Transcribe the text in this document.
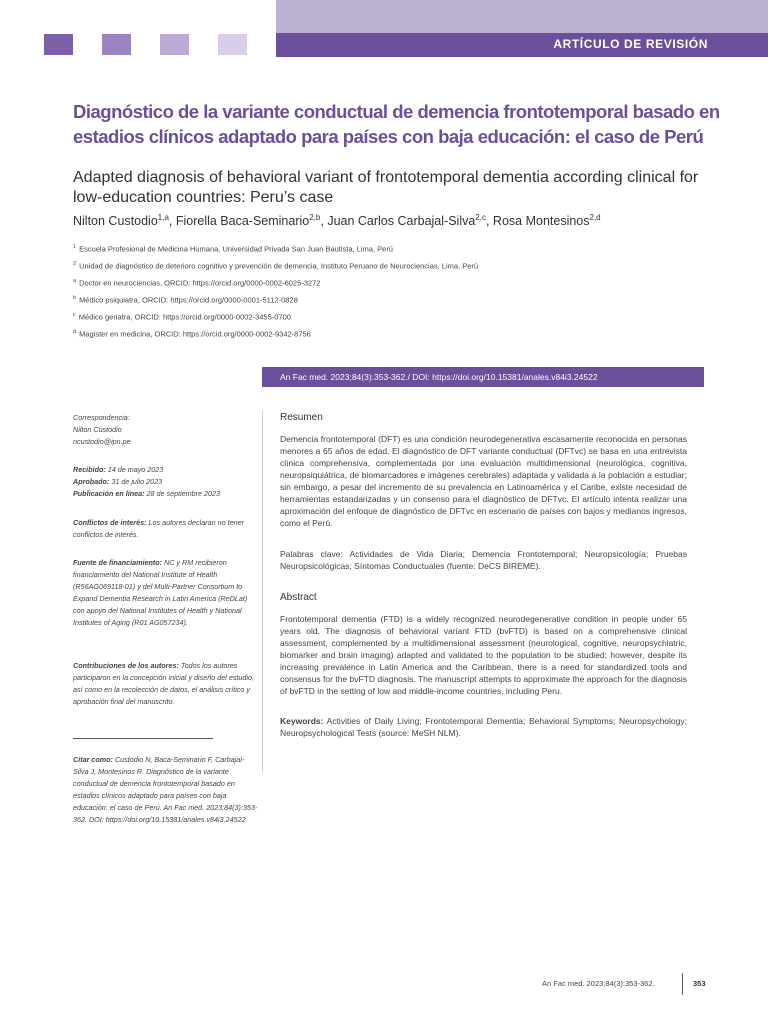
ARTÍCULO DE REVISIÓN
Diagnóstico de la variante conductual de demencia frontotemporal basado en estadios clínicos adaptado para países con baja educación: el caso de Perú
Adapted diagnosis of behavioral variant of frontotemporal dementia according clinical for low-education countries: Peru’s case
Nilton Custodio$^{1,a}$, Fiorella Baca-Seminario$^{2,b}$, Juan Carlos Carbajal-Silva$^{2,c}$, Rosa Montesinos$^{2,d}$
$^1$ Escuela Profesional de Medicina Humana, Universidad Privada San Juan Bautista, Lima, Perú
$^2$ Unidad de diagnóstico de deterioro cognitivo y prevención de demencia, Instituto Peruano de Neurociencias, Lima, Perú
$^a$ Doctor en neurociencias, ORCID: https://orcid.org/0000-0002-6025-3272
$^b$ Médico psiquiatra, ORCID: https://orcid.org/0000-0001-5112-0828
$^c$ Médico geriatra, ORCID: https://orcid.org/0000-0002-3455-0700
$^d$ Magister en medicina, ORCID: https://orcid.org/0000-0002-9342-8756
An Fac med. 2023;84(3):353-362./ DOI: https://doi.org/10.15381/anales.v84i3.24522
Correspondencia:
Nilton Custodio
ncustodio@ipn.pe
Recibido: 14 de mayo 2023
Aprobado: 31 de julio 2023
Publicación en línea: 28 de septiembre 2023
Conflictos de interés: Los autores declaran no tener conflictos de interés.
Fuente de financiamiento: NC y RM recibieron financiamiento del National Institute of Health (R56AG069118-01) y del Multi-Partner Consortium to Expand Dementia Research in Latin America (ReDLat) con apoyo del National Institutes of Health y National Institutes of Aging (R01 AG057234).
Contribuciones de los autores: Todos los autores participaron en la concepción inicial y diseño del estudio, así como en la recolección de datos, el análisis crítico y aprobación final del manuscrito.
Citar como: Custodio N, Baca-Seminario F, Carbajal-Silva J, Montesinos R. Diagnóstico de la variante conductual de demencia frontotemporal basado en estadios clínicos adaptado para países con baja educación: el caso de Perú. An Fac med. 2023;84(3):353-362. DOI: https://doi.org/10.15381/anales.v84i3.24522
Resumen
Demencia frontotemporal (DFT) es una condición neurodegenerativa escasamente reconocida en personas menores a 65 años de edad. El diagnóstico de DFT variante conductual (DFTvc) se basa en una entrevista clínica comprehensiva, complementada por una evaluación multidimensional (neurológica, cognitiva, neuropsiquiátrica, de biomarcadores e imágenes cerebrales) adaptada y validada a la población a estudiar; sin embargo, a pesar del incremento de su prevalencia en Latinoamérica y el Caribe, existe necesidad de herramientas estandarizadas y un consenso para el diagnóstico de DFTvc. El artículo intenta realizar una aproximación del enfoque de diagnóstico de DFTvc en escenario de países con bajos y medianos ingresos, como el Perú.
Palabras clave: Actividades de Vida Diaria; Demencia Frontotemporal; Neuropsicología; Pruebas Neuropsicológicas; Síntomas Conductuales (fuente: DeCS BIREME).
Abstract
Frontotemporal dementia (FTD) is a widely recognized neurodegenerative condition in people under 65 years old. The diagnosis of behavioral variant FTD (bvFTD) is based on a comprehensive clinical assessment, complemented by a multidimensional assessment (neurological, cognitive, neuropsychiatric, biomarker and brain imaging) adapted and validated to the population to be studied; however, despite its increasing prevalence in Latin America and the Caribbean, there is a need for standardized tools and consensus for the bvFTD diagnosis. The manuscript attempts to approximate the approach for the diagnosis of bvFTD in the setting of low and middle-income countries, including Peru.
Keywords: Activities of Daily Living; Frontotemporal Dementia; Behavioral Symptoms; Neuropsychology; Neuropsychological Tests (source: MeSH NLM).
An Fac med. 2023;84(3):353-362.	353
